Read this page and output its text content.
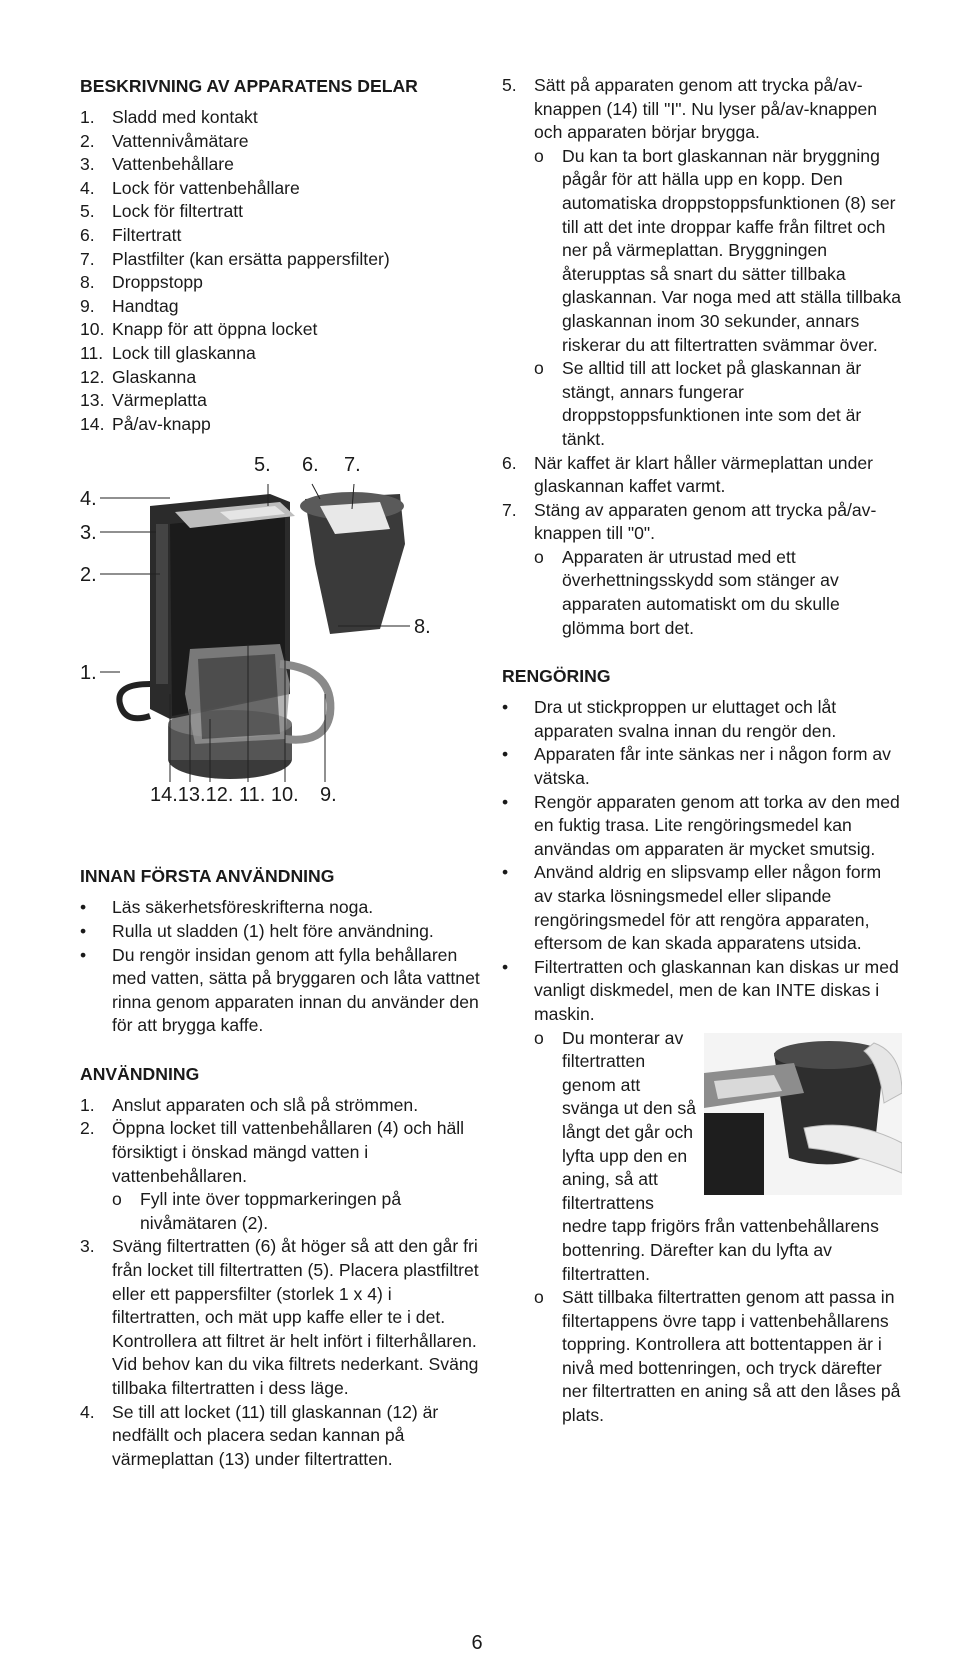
BESKRIVNING AV APPARATENS DELAR
1. Sladd med kontakt
2. Vattennivåmätare
3. Vattenbehållare
4. Lock för vattenbehållare
5. Lock för filtertratt
6. Filtertratt
7. Plastfilter (kan ersätta pappersfilter)
8. Droppstopp
9. Handtag
10. Knapp för att öppna locket
11. Lock till glaskanna
12. Glaskanna
13. Värmeplatta
14. På/av-knapp
4.
3.
2.
1.
5. 6. 7.
8.
14.13.12. 11. 10. 9.
INNAN FÖRSTA ANVÄNDNING
• Läs säkerhetsföreskrifterna noga.
• Rulla ut sladden (1) helt före användning.
• Du rengör insidan genom att fylla behållaren med vatten, sätta på bryggaren och låta vattnet rinna genom apparaten innan du använder den för att brygga kaffe.
ANVÄNDNING
1. Anslut apparaten och slå på strömmen.
2. Öppna locket till vattenbehållaren (4) och häll försiktigt i önskad mängd vatten i vattenbehållaren.
o Fyll inte över toppmarkeringen på nivåmätaren (2).
3. Sväng filtertratten (6) åt höger så att den går fri från locket till filtertratten (5). Placera plastfiltret eller ett pappersfilter (storlek 1 x 4) i filtertratten, och mät upp kaffe eller te i det. Kontrollera att filtret är helt infört i filterhållaren. Vid behov kan du vika filtrets nederkant. Sväng tillbaka filtertratten i dess läge.
4. Se till att locket (11) till glaskannan (12) är nedfällt och placera sedan kannan på värmeplattan (13) under filtertratten.
5. Sätt på apparaten genom att trycka på/av-knappen (14) till "I". Nu lyser på/av-knappen och apparaten börjar brygga.
o Du kan ta bort glaskannan när bryggning pågår för att hälla upp en kopp. Den automatiska droppstoppsfunktionen (8) ser till att det inte droppar kaffe från filtret och ner på värmeplattan. Bryggningen återupptas så snart du sätter tillbaka glaskannan. Var noga med att ställa tillbaka glaskannan inom 30 sekunder, annars riskerar du att filtertratten svämmar över.
o Se alltid till att locket på glaskannan är stängt, annars fungerar droppstoppsfunktionen inte som det är tänkt.
6. När kaffet är klart håller värmeplattan under glaskannan kaffet varmt.
7. Stäng av apparaten genom att trycka på/av-knappen till "0".
o Apparaten är utrustad med ett överhettningsskydd som stänger av apparaten automatiskt om du skulle glömma bort det.
RENGÖRING
• Dra ut stickproppen ur eluttaget och låt apparaten svalna innan du rengör den.
• Apparaten får inte sänkas ner i någon form av vätska.
• Rengör apparaten genom att torka av den med en fuktig trasa. Lite rengöringsmedel kan användas om apparaten är mycket smutsig.
• Använd aldrig en slipsvamp eller någon form av starka lösningsmedel eller slipande rengöringsmedel för att rengöra apparaten, eftersom de kan skada apparatens utsida.
• Filtertratten och glaskannan kan diskas ur med vanligt diskmedel, men de kan INTE diskas i maskin.
o Du monterar av filtertratten genom att svänga ut den så långt det går och lyfta upp den en aning, så att filtertrattens nedre tapp frigörs från vattenbehållarens bottenring. Därefter kan du lyfta av filtertratten.
o Sätt tillbaka filtertratten genom att passa in filtertappens övre tapp i vattenbehållarens toppring. Kontrollera att bottentappen är i nivå med bottenringen, och tryck därefter ner filtertratten en aning så att den låses på plats.
6
